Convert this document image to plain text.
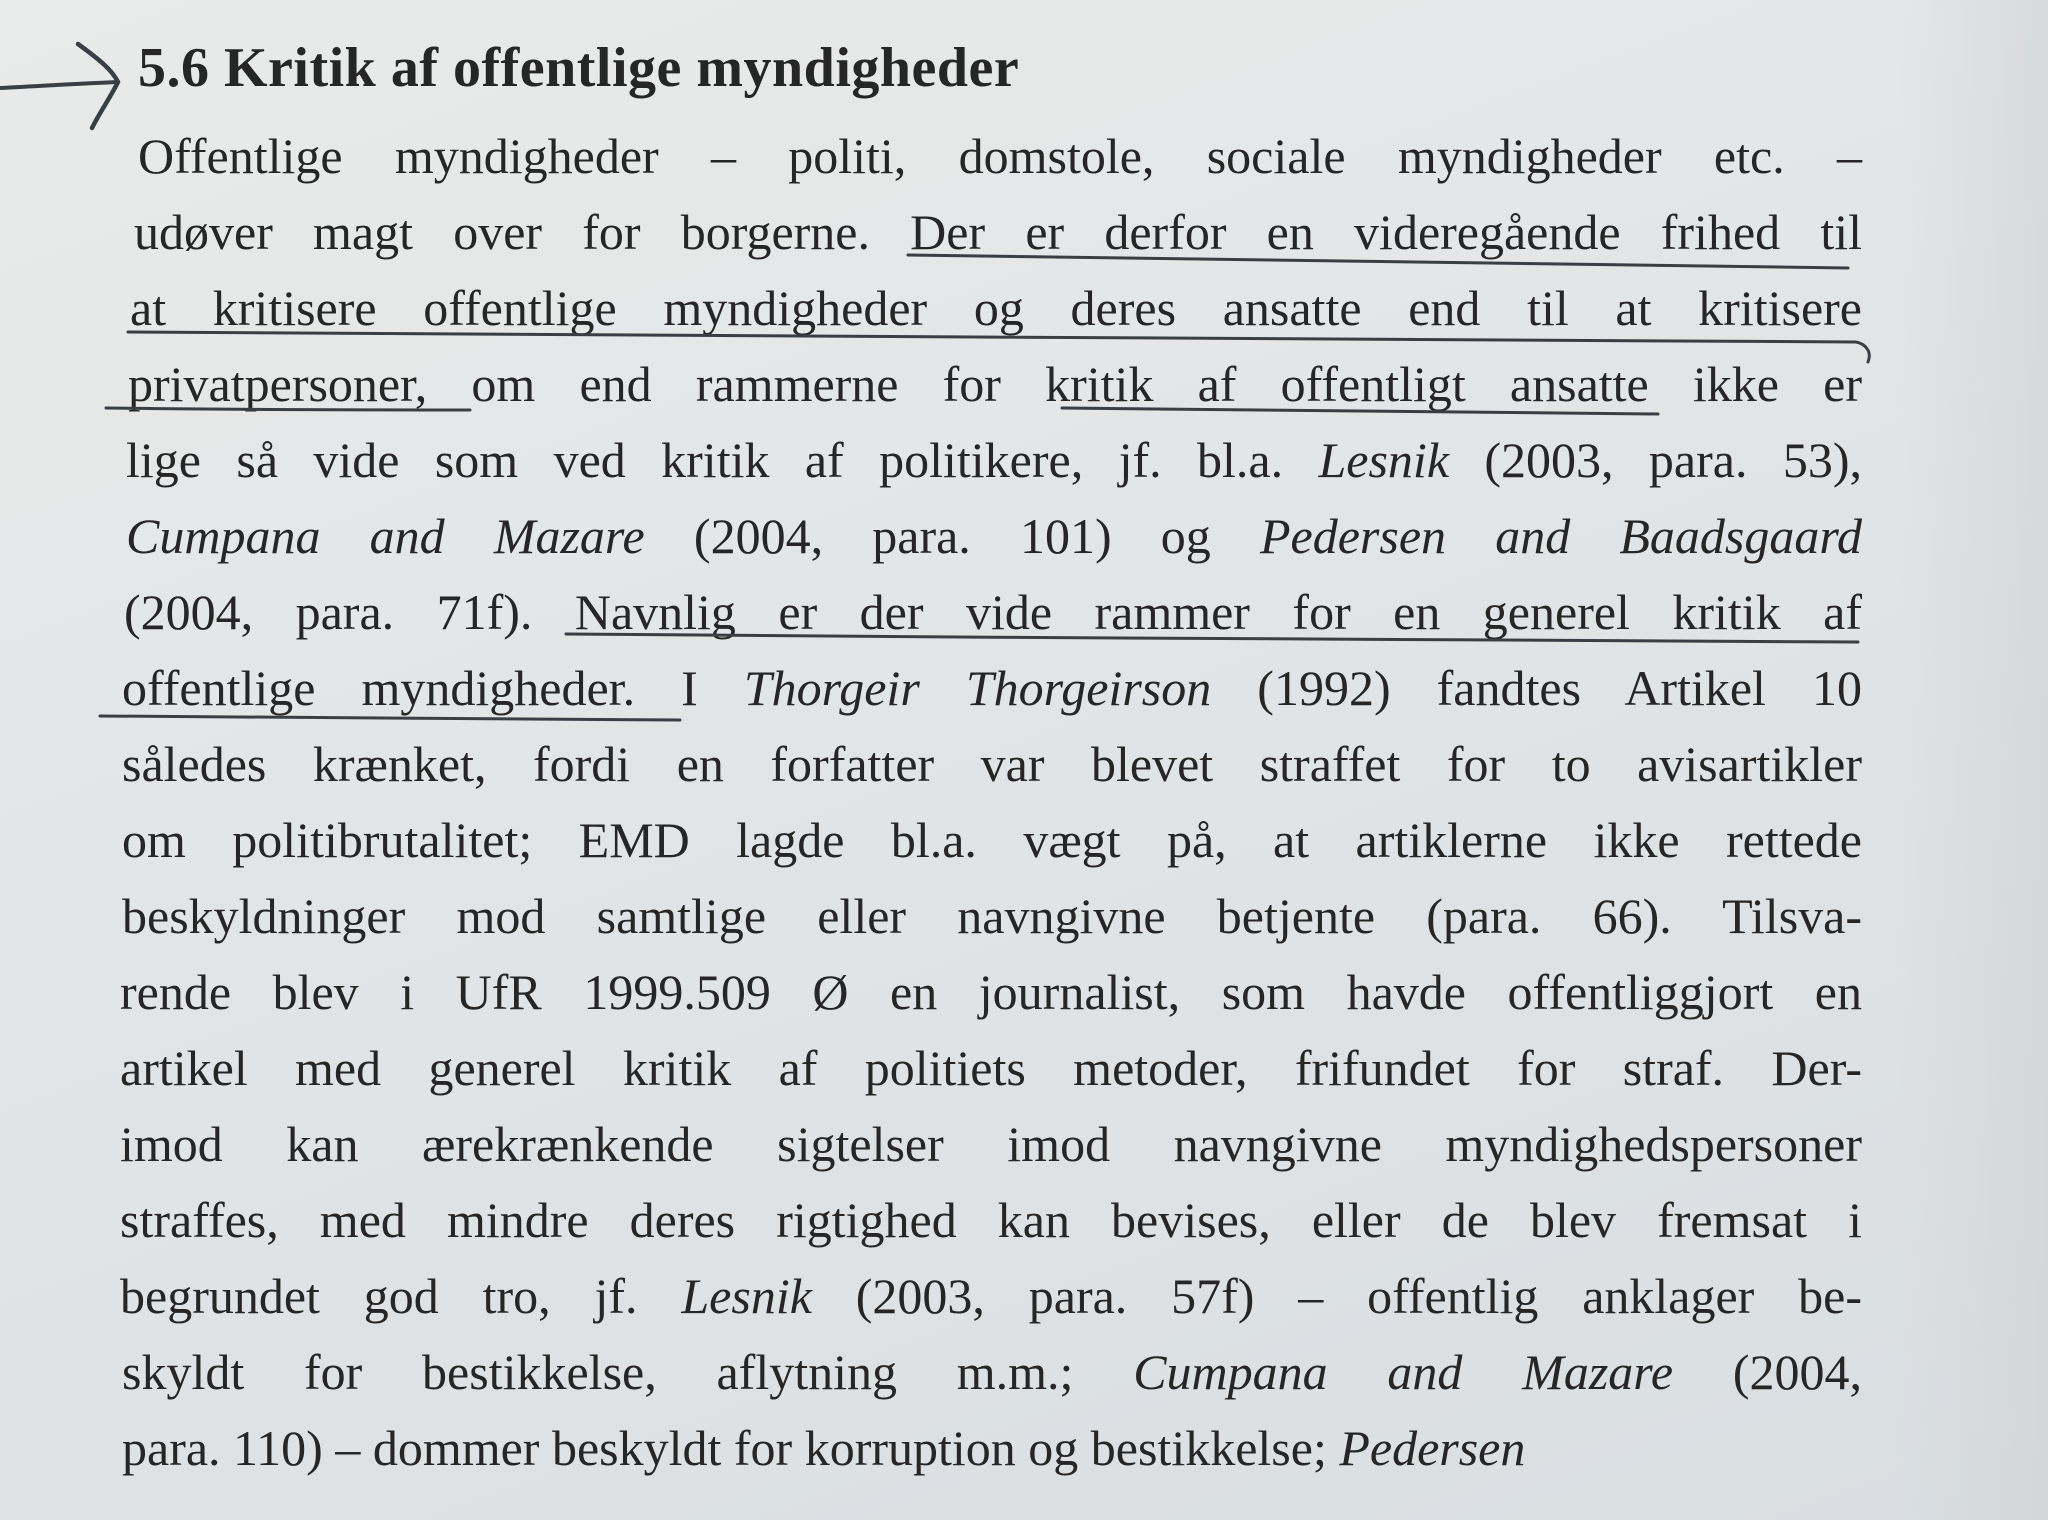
5.6 Kritik af offentlige myndigheder
Offentlige myndigheder – politi, domstole, sociale myndigheder etc. –
udøver magt over for borgerne. Der er derfor en videregående frihed til
at kritisere offentlige myndigheder og deres ansatte end til at kritisere
privatpersoner, om end rammerne for kritik af offentligt ansatte ikke er
lige så vide som ved kritik af politikere, jf. bl.a. Lesnik (2003, para. 53),
Cumpana and Mazare (2004, para. 101) og Pedersen and Baadsgaard
(2004, para. 71f). Navnlig er der vide rammer for en generel kritik af
offentlige myndigheder. I Thorgeir Thorgeirson (1992) fandtes Artikel 10
således krænket, fordi en forfatter var blevet straffet for to avisartikler
om politibrutalitet; EMD lagde bl.a. vægt på, at artiklerne ikke rettede
beskyldninger mod samtlige eller navngivne betjente (para. 66). Tilsva-
rende blev i UfR 1999.509 Ø en journalist, som havde offentliggjort en
artikel med generel kritik af politiets metoder, frifundet for straf. Der-
imod kan ærekrænkende sigtelser imod navngivne myndighedspersoner
straffes, med mindre deres rigtighed kan bevises, eller de blev fremsat i
begrundet god tro, jf. Lesnik (2003, para. 57f) – offentlig anklager be-
skyldt for bestikkelse, aflytning m.m.; Cumpana and Mazare (2004,
para. 110) – dommer beskyldt for korruption og bestikkelse; Pedersen
